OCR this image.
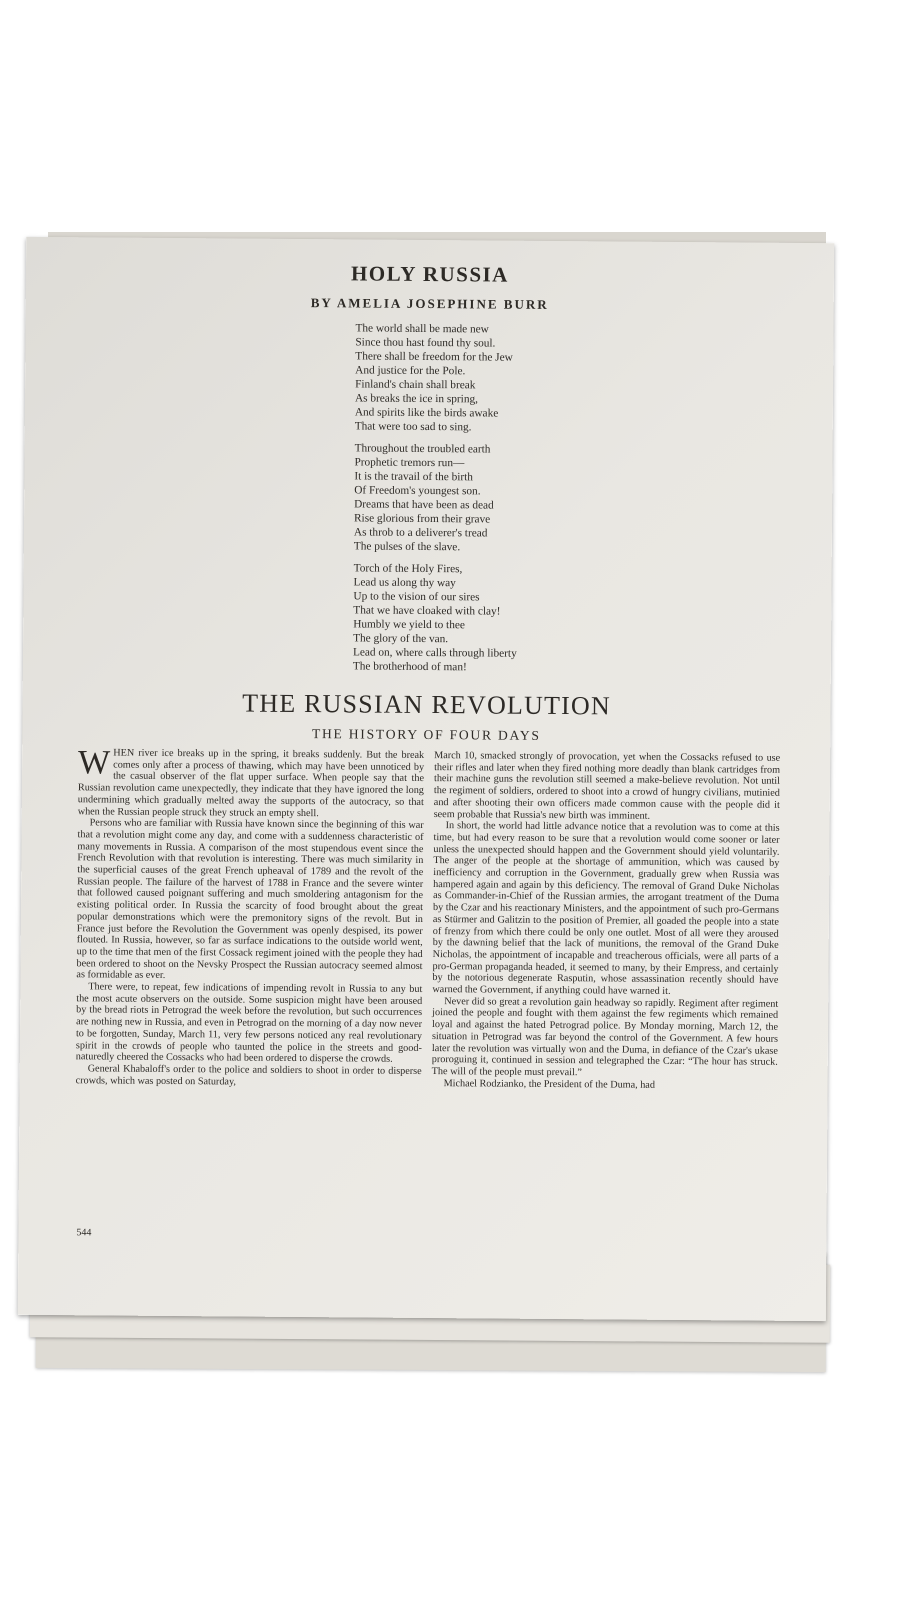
HOLY RUSSIA
BY AMELIA JOSEPHINE BURR
The world shall be made new
Since thou hast found thy soul.
There shall be freedom for the Jew
And justice for the Pole.
Finland's chain shall break
As breaks the ice in spring,
And spirits like the birds awake
That were too sad to sing.
Throughout the troubled earth
Prophetic tremors run—
It is the travail of the birth
Of Freedom's youngest son.
Dreams that have been as dead
Rise glorious from their grave
As throb to a deliverer's tread
The pulses of the slave.
Torch of the Holy Fires,
Lead us along thy way
Up to the vision of our sires
That we have cloaked with clay!
Humbly we yield to thee
The glory of the van.
Lead on, where calls through liberty
The brotherhood of man!
THE RUSSIAN REVOLUTION
THE HISTORY OF FOUR DAYS

WHEN river ice breaks up in the spring, it breaks suddenly. But the break comes only after a process of thawing, which may have been unnoticed by the casual observer of the flat upper surface. When people say that the Russian revolution came unexpectedly, they indicate that they have ignored the long undermining which gradually melted away the supports of the autocracy, so that when the Russian people struck they struck an empty shell.

Persons who are familiar with Russia have known since the beginning of this war that a revolution might come any day, and come with a suddenness characteristic of many movements in Russia. A comparison of the most stupendous event since the French Revolution with that revolution is interesting. There was much similarity in the superficial causes of the great French upheaval of 1789 and the revolt of the Russian people. The failure of the harvest of 1788 in France and the severe winter that followed caused poignant suffering and much smoldering antagonism for the existing political order. In Russia the scarcity of food brought about the great popular demonstrations which were the premonitory signs of the revolt. But in France just before the Revolution the Government was openly despised, its power flouted. In Russia, however, so far as surface indications to the outside world went, up to the time that men of the first Cossack regiment joined with the people they had been ordered to shoot on the Nevsky Prospect the Russian autocracy seemed almost as formidable as ever.

There were, to repeat, few indications of impending revolt in Russia to any but the most acute observers on the outside. Some suspicion might have been aroused by the bread riots in Petrograd the week before the revolution, but such occurrences are nothing new in Russia, and even in Petrograd on the morning of a day now never to be forgotten, Sunday, March 11, very few persons noticed any real revolutionary spirit in the crowds of people who taunted the police in the streets and good-naturedly cheered the Cossacks who had been ordered to disperse the crowds.

General Khabaloff's order to the police and soldiers to shoot in order to disperse crowds, which was posted on Saturday,

March 10, smacked strongly of provocation, yet when the Cossacks refused to use their rifles and later when they fired nothing more deadly than blank cartridges from their machine guns the revolution still seemed a make-believe revolution. Not until the regiment of soldiers, ordered to shoot into a crowd of hungry civilians, mutinied and after shooting their own officers made common cause with the people did it seem probable that Russia's new birth was imminent.

In short, the world had little advance notice that a revolution was to come at this time, but had every reason to be sure that a revolution would come sooner or later unless the unexpected should happen and the Government should yield voluntarily. The anger of the people at the shortage of ammunition, which was caused by inefficiency and corruption in the Government, gradually grew when Russia was hampered again and again by this deficiency. The removal of Grand Duke Nicholas as Commander-in-Chief of the Russian armies, the arrogant treatment of the Duma by the Czar and his reactionary Ministers, and the appointment of such pro-Germans as Stürmer and Galitzin to the position of Premier, all goaded the people into a state of frenzy from which there could be only one outlet. Most of all were they aroused by the dawning belief that the lack of munitions, the removal of the Grand Duke Nicholas, the appointment of incapable and treacherous officials, were all parts of a pro-German propaganda headed, it seemed to many, by their Empress, and certainly by the notorious degenerate Rasputin, whose assassination recently should have warned the Government, if anything could have warned it.

Never did so great a revolution gain headway so rapidly. Regiment after regiment joined the people and fought with them against the few regiments which remained loyal and against the hated Petrograd police. By Monday morning, March 12, the situation in Petrograd was far beyond the control of the Government. A few hours later the revolution was virtually won and the Duma, in defiance of the Czar's ukase proroguing it, continued in session and telegraphed the Czar: “The hour has struck. The will of the people must prevail.”

Michael Rodzianko, the President of the Duma, had

544
